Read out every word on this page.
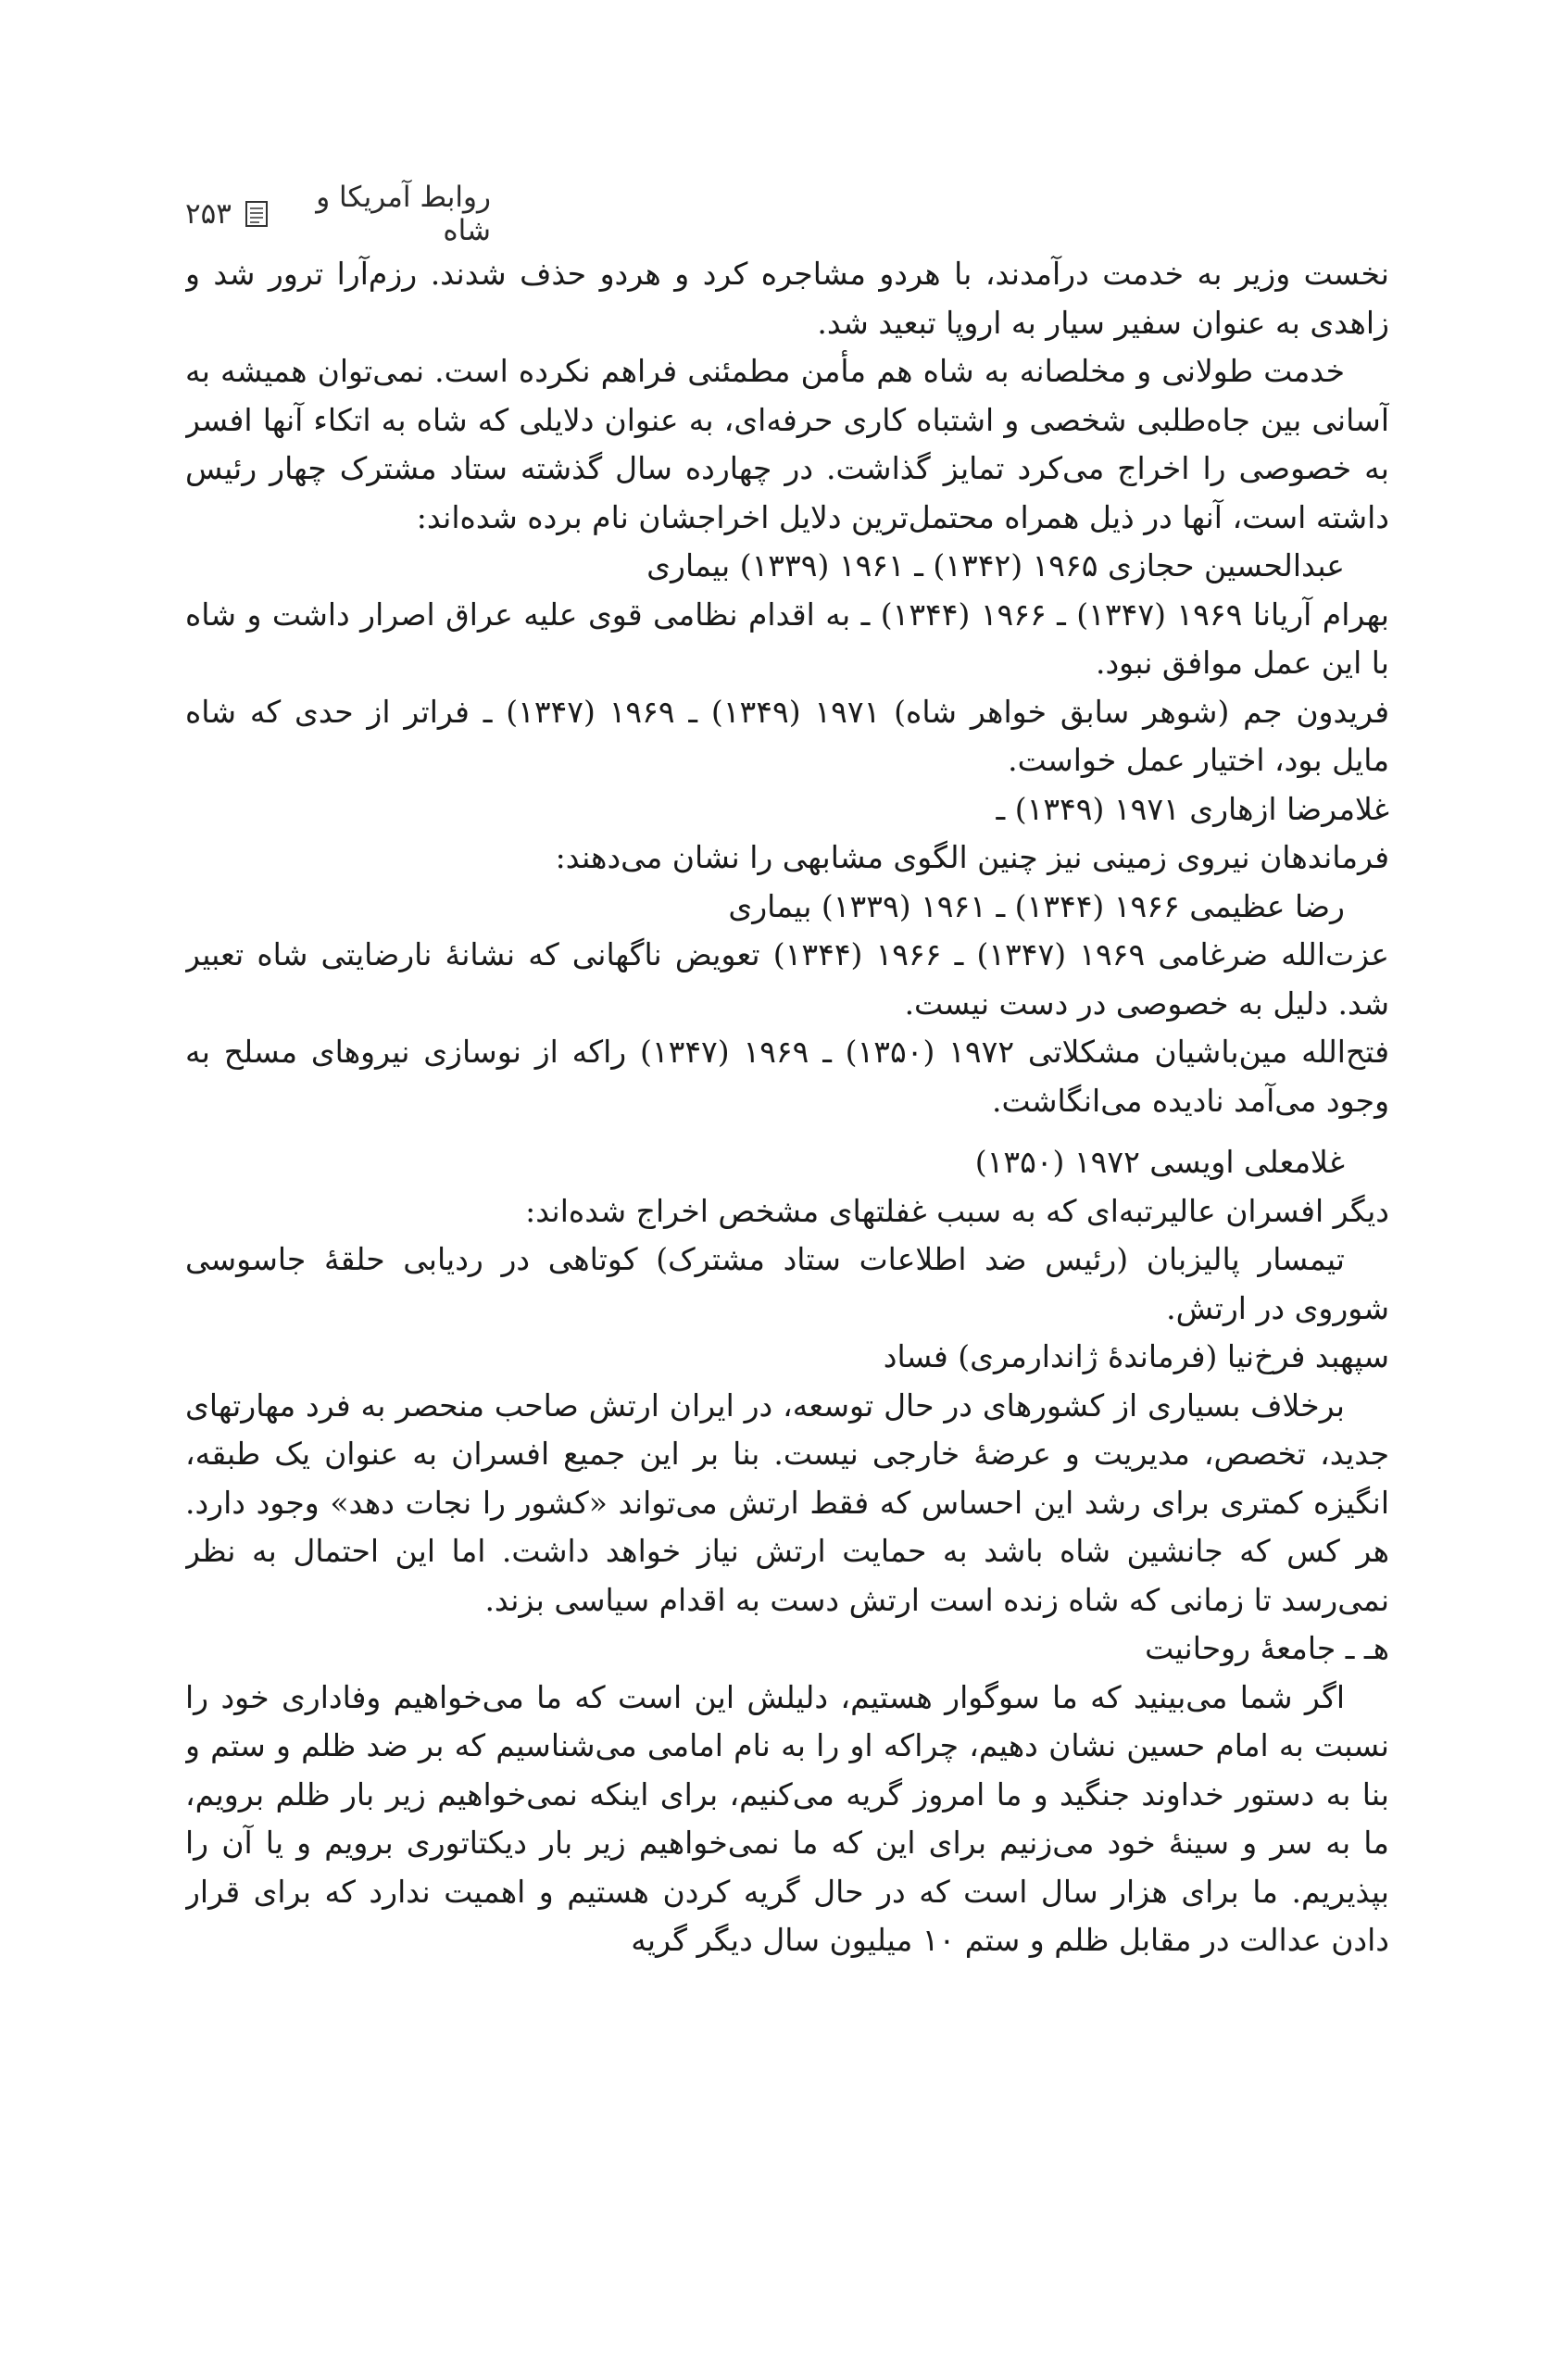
روابط آمریکا و شاه
۲۵۳

نخست وزیر به خدمت درآمدند، با هردو مشاجره کرد و هردو حذف شدند. رزم‌آرا ترور شد و زاهدی به عنوان سفیر سیار به اروپا تبعید شد.

خدمت طولانی و مخلصانه به شاه هم مأمن مطمئنی فراهم نکرده است. نمی‌توان همیشه به آسانی بین جاه‌طلبی شخصی و اشتباه کاری حرفه‌ای، به عنوان دلایلی که شاه به اتکاء آنها افسر به خصوصی را اخراج می‌کرد تمایز گذاشت. در چهارده سال گذشته ستاد مشترک چهار رئیس داشته است، آنها در ذیل همراه محتمل‌ترین دلایل اخراجشان نام برده شده‌اند:

عبدالحسین حجازی ۱۹۶۵ (۱۳۴۲) ـ ۱۹۶۱ (۱۳۳۹) بیماری

بهرام آریانا ۱۹۶۹ (۱۳۴۷) ـ ۱۹۶۶ (۱۳۴۴) ـ به اقدام نظامی قوی علیه عراق اصرار داشت و شاه با این عمل موافق نبود.

فریدون جم (شوهر سابق خواهر شاه) ۱۹۷۱ (۱۳۴۹) ـ ۱۹۶۹ (۱۳۴۷) ـ فراتر از حدی که شاه مایل بود، اختیار عمل خواست.

غلامرضا ازهاری ۱۹۷۱ (۱۳۴۹) ـ

فرماندهان نیروی زمینی نیز چنین الگوی مشابهی را نشان می‌دهند:

رضا عظیمی ۱۹۶۶ (۱۳۴۴) ـ ۱۹۶۱ (۱۳۳۹) بیماری

عزت‌الله ضرغامی ۱۹۶۹ (۱۳۴۷) ـ ۱۹۶۶ (۱۳۴۴) تعویض ناگهانی که نشانهٔ نارضایتی شاه تعبیر شد. دلیل به خصوصی در دست نیست.

فتح‌الله مین‌باشیان مشکلاتی ۱۹۷۲ (۱۳۵۰) ـ ۱۹۶۹ (۱۳۴۷) راکه از نوسازی نیروهای مسلح به وجود می‌آمد نادیده می‌انگاشت.

غلامعلی اویسی ۱۹۷۲ (۱۳۵۰)

دیگر افسران عالیرتبه‌ای که به سبب غفلتهای مشخص اخراج شده‌اند:

تیمسار پالیزبان (رئیس ضد اطلاعات ستاد مشترک) کوتاهی در ردیابی حلقهٔ جاسوسی شوروی در ارتش.

سپهبد فرخ‌نیا (فرماندهٔ ژاندارمری) فساد

برخلاف بسیاری از کشورهای در حال توسعه، در ایران ارتش صاحب منحصر به فرد مهارتهای جدید، تخصص، مدیریت و عرضهٔ خارجی نیست. بنا بر این جمیع افسران به عنوان یک طبقه، انگیزه کمتری برای رشد این احساس که فقط ارتش می‌تواند «کشور را نجات دهد» وجود دارد. هر کس که جانشین شاه باشد به حمایت ارتش نیاز خواهد داشت. اما این احتمال به نظر نمی‌رسد تا زمانی که شاه زنده است ارتش دست به اقدام سیاسی بزند.

هـ ـ جامعهٔ روحانیت

اگر شما می‌بینید که ما سوگوار هستیم، دلیلش این است که ما می‌خواهیم وفاداری خود را نسبت به امام حسین نشان دهیم، چراکه او را به نام امامی می‌شناسیم که بر ضد ظلم و ستم و بنا به دستور خداوند جنگید و ما امروز گریه می‌کنیم، برای اینکه نمی‌خواهیم زیر بار ظلم برویم، ما به سر و سینهٔ خود می‌زنیم برای این که ما نمی‌خواهیم زیر بار دیکتاتوری برویم و یا آن را بپذیریم. ما برای هزار سال است که در حال گریه کردن هستیم و اهمیت ندارد که برای قرار دادن عدالت در مقابل ظلم و ستم ۱۰ میلیون سال دیگر گریه
